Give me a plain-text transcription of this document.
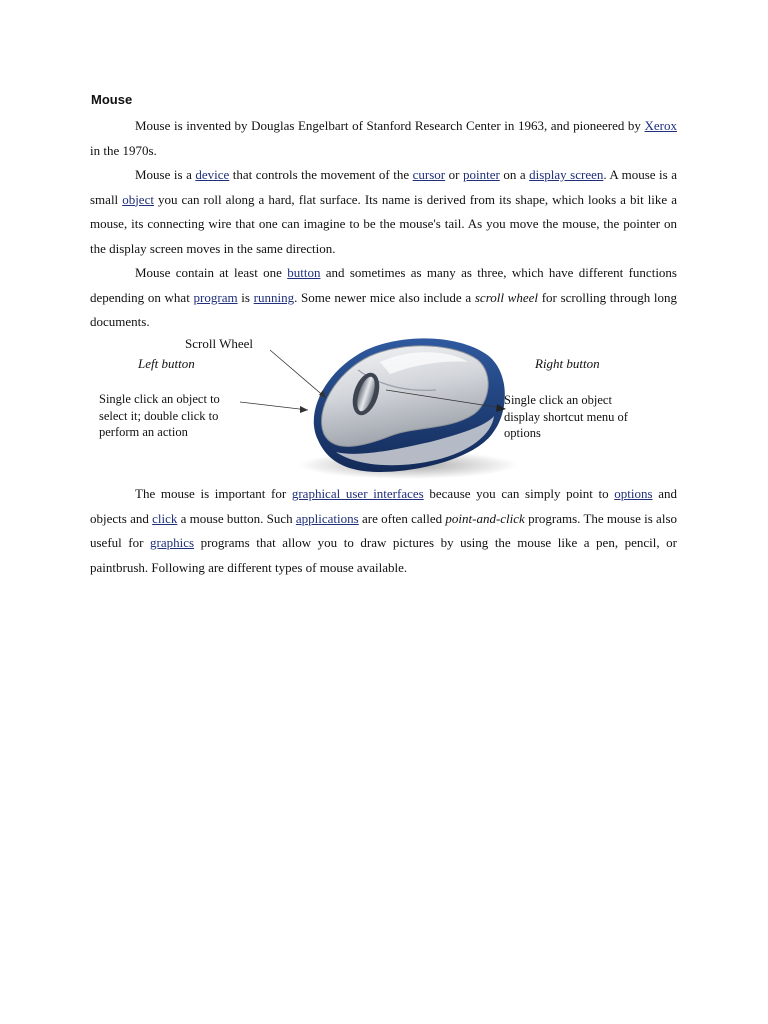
Mouse

Mouse is invented by Douglas Engelbart of Stanford Research Center in 1963, and pioneered by Xerox in the 1970s.

Mouse is a device that controls the movement of the cursor or pointer on a display screen. A mouse is a small object you can roll along a hard, flat surface. Its name is derived from its shape, which looks a bit like a mouse, its connecting wire that one can imagine to be the mouse's tail. As you move the mouse, the pointer on the display screen moves in the same direction.

Mouse contain at least one button and sometimes as many as three, which have different functions depending on what program is running. Some newer mice also include a scroll wheel for scrolling through long documents.

Scroll Wheel
Left button	Right button
Single click an object to select it; double click to perform an action
Single click an object display shortcut menu of options

The mouse is important for graphical user interfaces because you can simply point to options and objects and click a mouse button. Such applications are often called point-and-click programs. The mouse is also useful for graphics programs that allow you to draw pictures by using the mouse like a pen, pencil, or paintbrush. Following are different types of mouse available.
